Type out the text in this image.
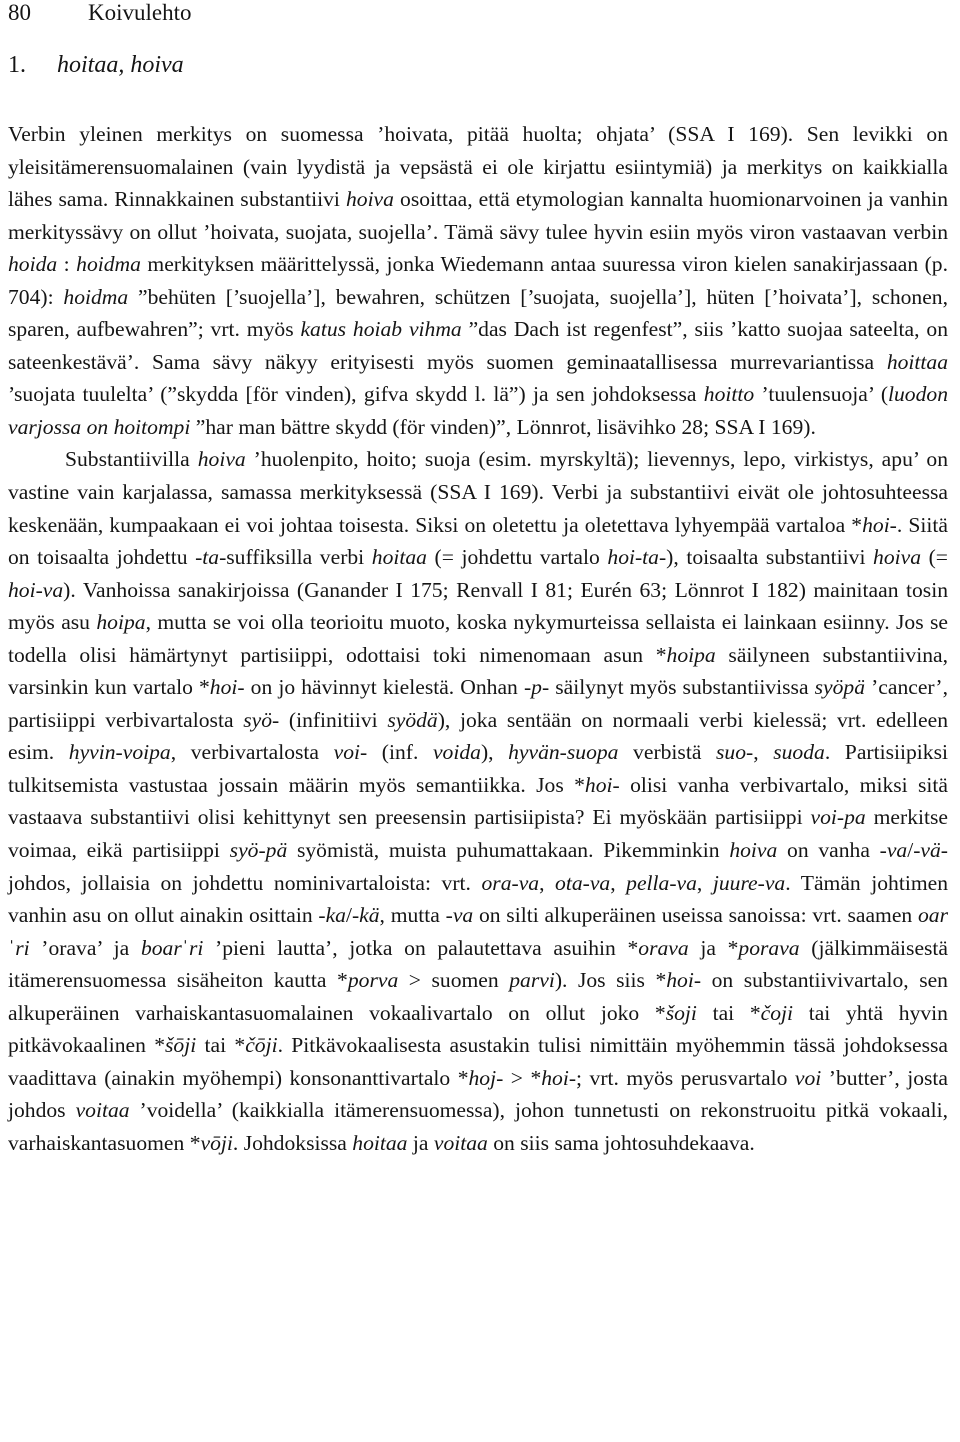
80	Koivulehto
1. hoitaa, hoiva

Verbin yleinen merkitys on suomessa ’hoivata, pitää huolta; ohjata’ (SSA I 169). Sen levikki on yleisitämerensuomalainen (vain lyydistä ja vepsästä ei ole kirjattu esiintymiä) ja merkitys on kaikkialla lähes sama. Rinnakkainen substantiivi hoiva osoittaa, että etymologian kannalta huomionarvoinen ja vanhin merkityssävy on ollut ’hoivata, suojata, suojella’. Tämä sävy tulee hyvin esiin myös viron vastaavan verbin hoida : hoidma merkityksen määrittelyssä, jonka Wiedemann antaa suuressa viron kielen sanakirjassaan (p. 704): hoidma ”behüten [’suojella’], bewahren, schützen [’suojata, suojella’], hüten [’hoivata’], schonen, sparen, aufbewahren”; vrt. myös katus hoiab vihma ”das Dach ist regenfest”, siis ’katto suojaa sateelta, on sateenkestävä’. Sama sävy näkyy erityisesti myös suomen geminaatallisessa murrevariantissa hoittaa ’suojata tuulelta’ (”skydda [för vinden), gifva skydd l. lä”) ja sen johdoksessa hoitto ’tuulensuoja’ (luodon varjossa on hoitompi ”har man bättre skydd (för vinden)”, Lönnrot, lisävihko 28; SSA I 169).

Substantiivilla hoiva ’huolenpito, hoito; suoja (esim. myrskyltä); lievennys, lepo, virkistys, apu’ on vastine vain karjalassa, samassa merkityksessä (SSA I 169). Verbi ja substantiivi eivät ole johtosuhteessa keskenään, kumpaakaan ei voi johtaa toisesta. Siksi on oletettu ja oletettava lyhyempää vartaloa *hoi-. Siitä on toisaalta johdettu -ta-suffiksilla verbi hoitaa (= johdettu vartalo hoi-ta-), toisaalta substantiivi hoiva (= hoi-va). Vanhoissa sanakirjoissa (Ganander I 175; Renvall I 81; Eurén 63; Lönnrot I 182) mainitaan tosin myös asu hoipa, mutta se voi olla teorioitu muoto, koska nykymurteissa sellaista ei lainkaan esiinny. Jos se todella olisi hämärtynyt partisiippi, odottaisi toki nimenomaan asun *hoipa säilyneen substantiivina, varsinkin kun vartalo *hoi- on jo hävinnyt kielestä. Onhan -p- säilynyt myös substantiivissa syöpä ’cancer’, partisiippi verbivartalosta syö- (infinitiivi syödä), joka sentään on normaali verbi kielessä; vrt. edelleen esim. hyvin-voipa, verbivartalosta voi- (inf. voida), hyvän-suopa verbistä suo-, suoda. Partisiipiksi tulkitsemista vastustaa jossain määrin myös semantiikka. Jos *hoi- olisi vanha verbivartalo, miksi sitä vastaava substantiivi olisi kehittynyt sen preesensin partisiipista? Ei myöskään partisiippi voi-pa merkitse voimaa, eikä partisiippi syö-pä syömistä, muista puhumattakaan. Pikemminkin hoiva on vanha -va/-vä-johdos, jollaisia on johdettu nominivartaloista: vrt. ora-va, ota-va, pella-va, juure-va. Tämän johtimen vanhin asu on ollut ainakin osittain -ka/-kä, mutta -va on silti alkuperäinen useissa sanoissa: vrt. saamen oarˈri ’orava’ ja boarˈri ’pieni lautta’, jotka on palautettava asuihin *orava ja *porava (jälkimmäisestä itämerensuomessa sisäheiton kautta *porva > suomen parvi). Jos siis *hoi- on substantiivivartalo, sen alkuperäinen varhaiskantasuomalainen vokaalivartalo on ollut joko *šoji tai *čoji tai yhtä hyvin pitkävokaalinen *šōji tai *čōji. Pitkävokaalisesta asustakin tulisi nimittäin myöhemmin tässä johdoksessa vaadittava (ainakin myöhempi) konsonanttivartalo *hoj- > *hoi-; vrt. myös perusvartalo voi ’butter’, josta johdos voitaa ’voidella’ (kaikkialla itämerensuomessa), johon tunnetusti on rekonstruoitu pitkä vokaali, varhaiskantasuomen *vōji. Johdoksissa hoitaa ja voitaa on siis sama johtosuhdekaava.
